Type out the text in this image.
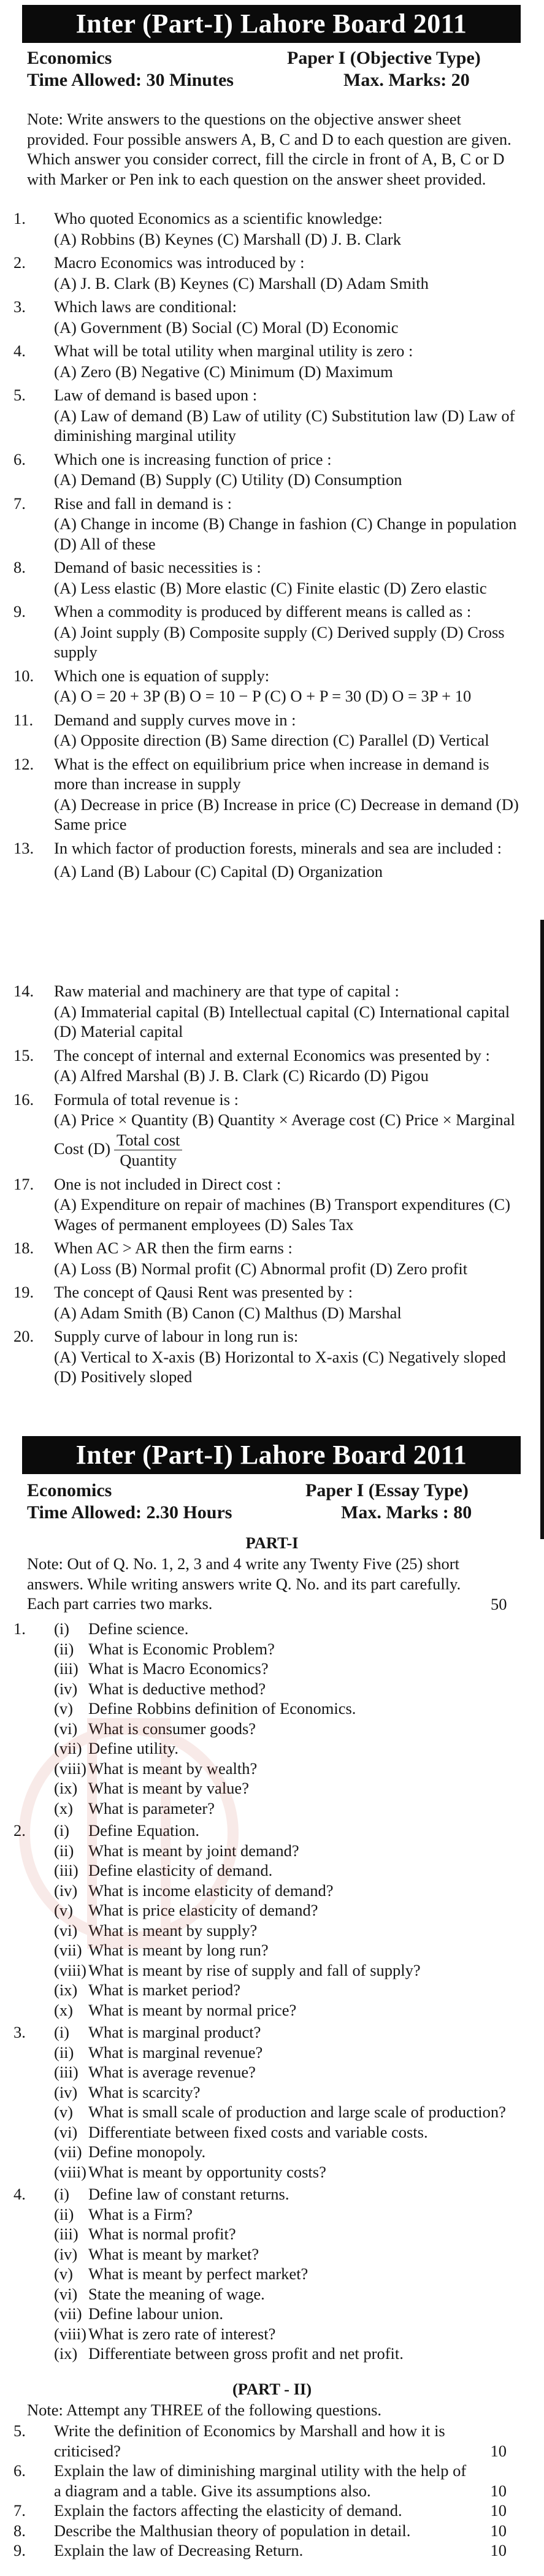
Inter (Part-I) Lahore Board 2011
Economics	Paper I (Objective Type)
Time Allowed: 30 Minutes	Max. Marks: 20
Note: Write answers to the questions on the objective answer sheet provided. Four possible answers A, B, C and D to each question are given. Which answer you consider correct, fill the circle in front of A, B, C or D with Marker or Pen ink to each question on the answer sheet provided.
1. Who quoted Economics as a scientific knowledge:
(A) Robbins (B) Keynes (C) Marshall (D) J. B. Clark
2. Macro Economics was introduced by :
(A) J. B. Clark (B) Keynes (C) Marshall (D) Adam Smith
3. Which laws are conditional:
(A) Government (B) Social (C) Moral (D) Economic
4. What will be total utility when marginal utility is zero :
(A) Zero (B) Negative (C) Minimum (D) Maximum
5. Law of demand is based upon :
(A) Law of demand (B) Law of utility (C) Substitution law (D) Law of diminishing marginal utility
6. Which one is increasing function of price :
(A) Demand (B) Supply (C) Utility (D) Consumption
7. Rise and fall in demand is :
(A) Change in income (B) Change in fashion (C) Change in population (D) All of these
8. Demand of basic necessities is :
(A) Less elastic (B) More elastic (C) Finite elastic (D) Zero elastic
9. When a commodity is produced by different means is called as :
(A) Joint supply (B) Composite supply (C) Derived supply (D) Cross supply
10. Which one is equation of supply:
(A) O = 20 + 3P (B) O = 10 − P (C) O + P = 30 (D) O = 3P + 10
11. Demand and supply curves move in :
(A) Opposite direction (B) Same direction (C) Parallel (D) Vertical
12. What is the effect on equilibrium price when increase in demand is more than increase in supply
(A) Decrease in price (B) Increase in price (C) Decrease in demand (D) Same price
13. In which factor of production forests, minerals and sea are included :
(A) Land (B) Labour (C) Capital (D) Organization
14. Raw material and machinery are that type of capital :
(A) Immaterial capital (B) Intellectual capital (C) International capital (D) Material capital
15. The concept of internal and external Economics was presented by :
(A) Alfred Marshal (B) J. B. Clark (C) Ricardo (D) Pigou
16. Formula of total revenue is :
(A) Price × Quantity (B) Quantity × Average cost (C) Price × Marginal Cost $(D) \frac{\text{Total cost}}{\text{Quantity}}$
17. One is not included in Direct cost :
(A) Expenditure on repair of machines (B) Transport expenditures (C) Wages of permanent employees (D) Sales Tax
18. When AC > AR then the firm earns :
(A) Loss (B) Normal profit (C) Abnormal profit (D) Zero profit
19. The concept of Qausi Rent was presented by :
(A) Adam Smith (B) Canon (C) Malthus (D) Marshal
20. Supply curve of labour in long run is:
(A) Vertical to X-axis (B) Horizontal to X-axis (C) Negatively sloped (D) Positively sloped
Inter (Part-I) Lahore Board 2011
Economics	Paper I (Essay Type)
Time Allowed: 2.30 Hours	Max. Marks : 80
PART-I
Note: Out of Q. No. 1, 2, 3 and 4 write any Twenty Five (25) short answers. While writing answers write Q. No. and its part carefully. Each part carries two marks.	50
1. (i) Define science.
(ii) What is Economic Problem?
(iii) What is Macro Economics?
(iv) What is deductive method?
(v) Define Robbins definition of Economics.
(vi) What is consumer goods?
(vii) Define utility.
(viii) What is meant by wealth?
(ix) What is meant by value?
(x) What is parameter?
2. (i) Define Equation.
(ii) What is meant by joint demand?
(iii) Define elasticity of demand.
(iv) What is income elasticity of demand?
(v) What is price elasticity of demand?
(vi) What is meant by supply?
(vii) What is meant by long run?
(viii) What is meant by rise of supply and fall of supply?
(ix) What is market period?
(x) What is meant by normal price?
3. (i) What is marginal product?
(ii) What is marginal revenue?
(iii) What is average revenue?
(iv) What is scarcity?
(v) What is small scale of production and large scale of production?
(vi) Differentiate between fixed costs and variable costs.
(vii) Define monopoly.
(viii) What is meant by opportunity costs?
4. (i) Define law of constant returns.
(ii) What is a Firm?
(iii) What is normal profit?
(iv) What is meant by market?
(v) What is meant by perfect market?
(vi) State the meaning of wage.
(vii) Define labour union.
(viii) What is zero rate of interest?
(ix) Differentiate between gross profit and net profit.
(PART - II)
Note: Attempt any THREE of the following questions.
5. Write the definition of Economics by Marshall and how it is criticised?	10
6. Explain the law of diminishing marginal utility with the help of a diagram and a table. Give its assumptions also.	10
7. Explain the factors affecting the elasticity of demand.	10
8. Describe the Malthusian theory of population in detail.	10
9. Explain the law of Decreasing Return.	10
